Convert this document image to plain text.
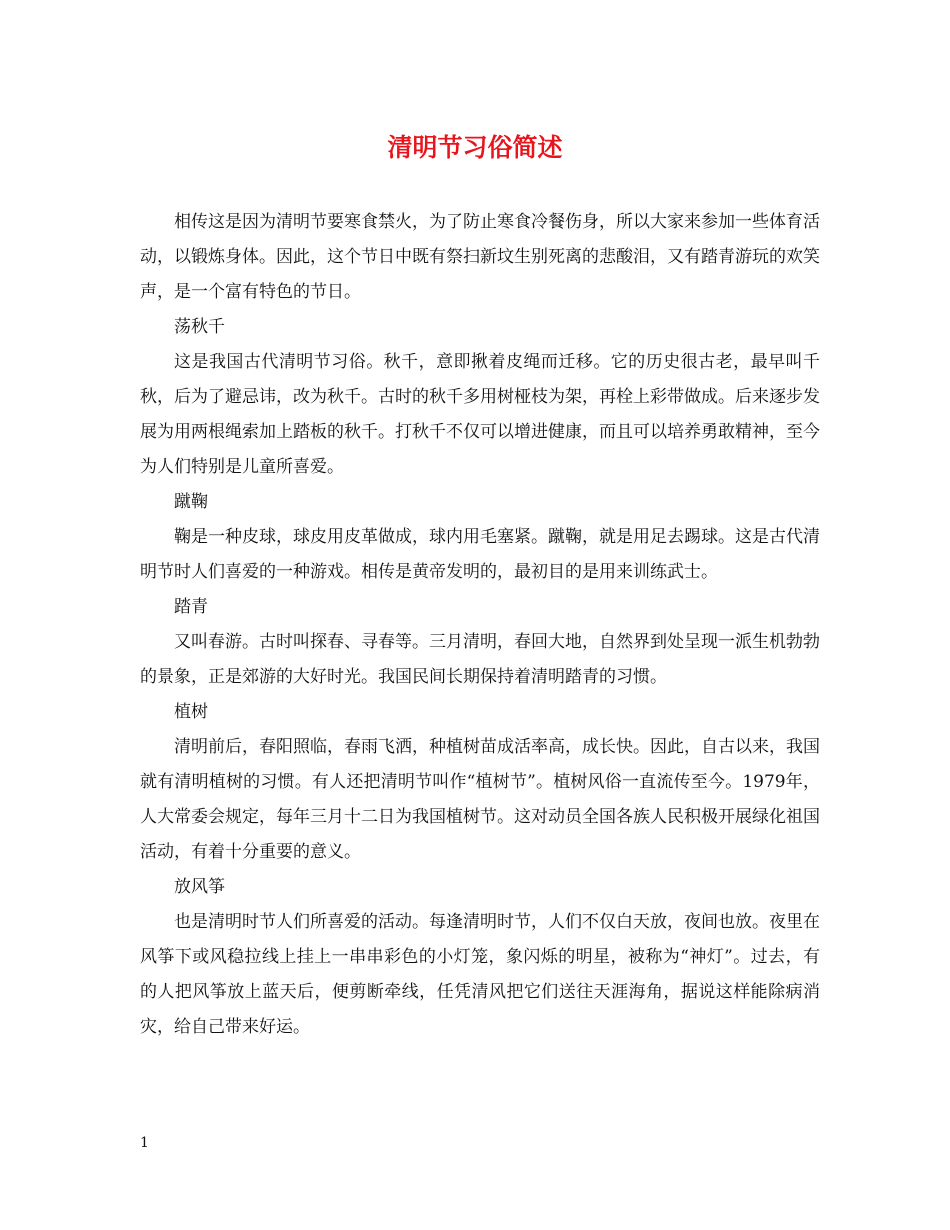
清明节习俗简述

相传这是因为清明节要寒食禁火，为了防止寒食冷餐伤身，所以大家来参加一些体育活动，以锻炼身体。因此，这个节日中既有祭扫新坟生别死离的悲酸泪，又有踏青游玩的欢笑声，是一个富有特色的节日。

荡秋千

这是我国古代清明节习俗。秋千，意即揪着皮绳而迁移。它的历史很古老，最早叫千秋，后为了避忌讳，改为秋千。古时的秋千多用树桠枝为架，再栓上彩带做成。后来逐步发展为用两根绳索加上踏板的秋千。打秋千不仅可以增进健康，而且可以培养勇敢精神，至今为人们特别是儿童所喜爱。

蹴鞠

鞠是一种皮球，球皮用皮革做成，球内用毛塞紧。蹴鞠，就是用足去踢球。这是古代清明节时人们喜爱的一种游戏。相传是黄帝发明的，最初目的是用来训练武士。

踏青

又叫春游。古时叫探春、寻春等。三月清明，春回大地，自然界到处呈现一派生机勃勃的景象，正是郊游的大好时光。我国民间长期保持着清明踏青的习惯。

植树

清明前后，春阳照临，春雨飞洒，种植树苗成活率高，成长快。因此，自古以来，我国就有清明植树的习惯。有人还把清明节叫作“植树节”。植树风俗一直流传至今。1979年，人大常委会规定，每年三月十二日为我国植树节。这对动员全国各族人民积极开展绿化祖国活动，有着十分重要的意义。

放风筝

也是清明时节人们所喜爱的活动。每逢清明时节，人们不仅白天放，夜间也放。夜里在风筝下或风稳拉线上挂上一串串彩色的小灯笼，象闪烁的明星，被称为“神灯”。过去，有的人把风筝放上蓝天后，便剪断牵线，任凭清风把它们送往天涯海角，据说这样能除病消灾，给自己带来好运。

1
